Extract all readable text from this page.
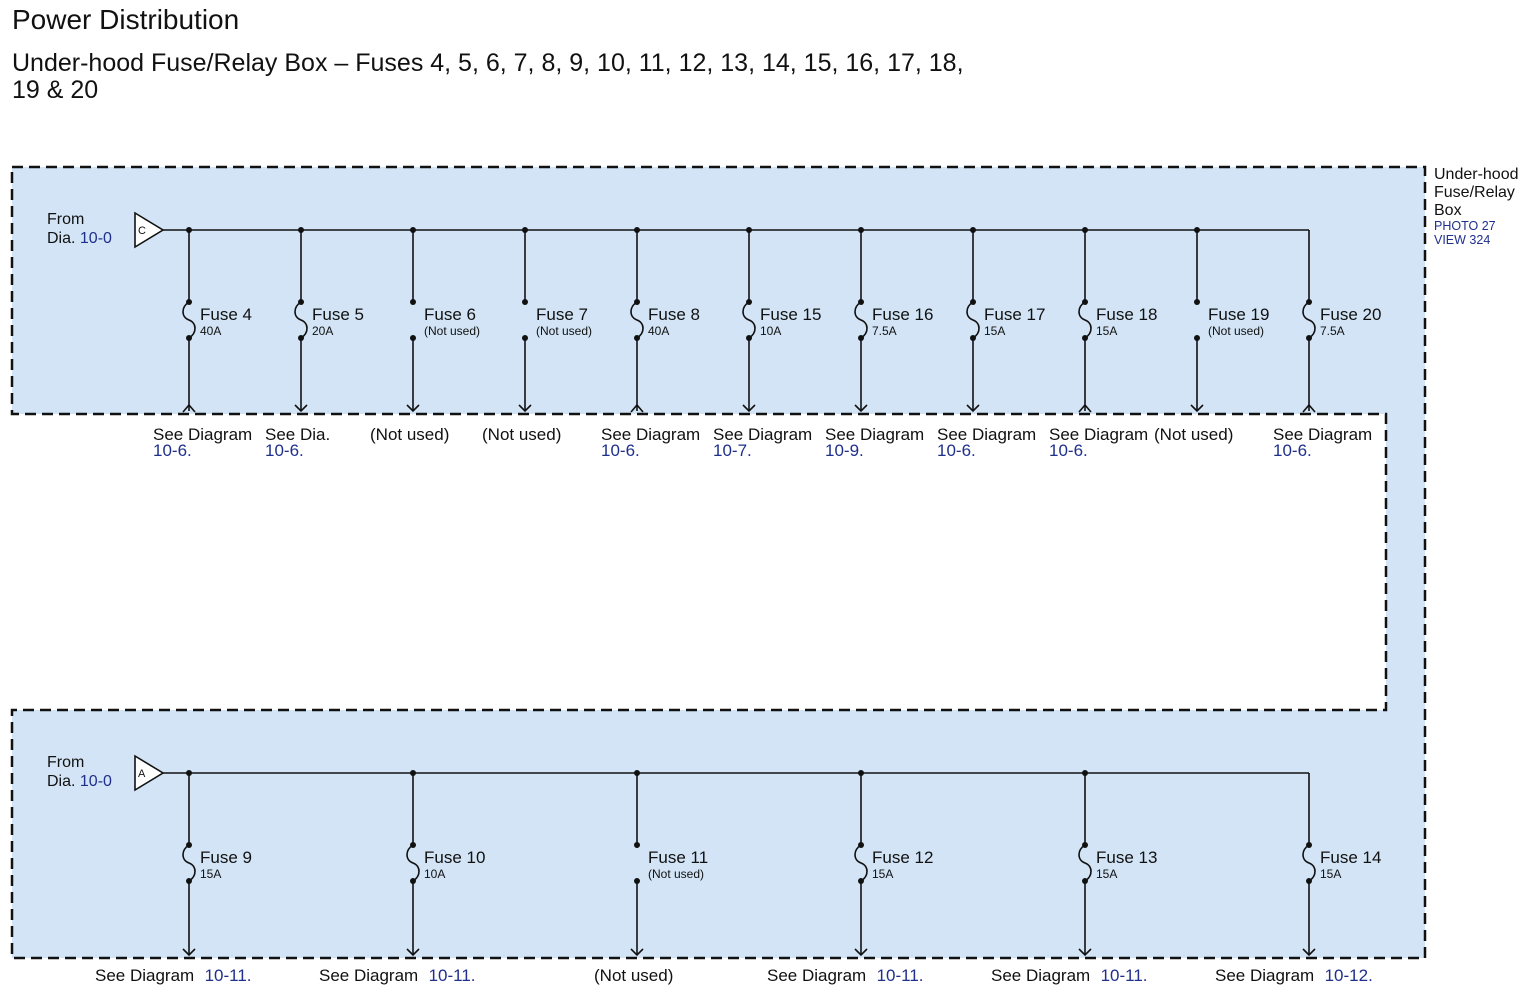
Power Distribution
Under-hood Fuse/Relay Box – Fuses 4, 5, 6, 7, 8, 9, 10, 11, 12, 13, 14, 15, 16, 17, 18, 19 & 20
Under-hood
Fuse/Relay
Box
PHOTO 27
VIEW 324
From
Dia. 10-0 C
Fuse 4
40A
See Diagram
10-6.
Fuse 5
20A
See Dia.
10-6.
Fuse 6
(Not used)
(Not used)
Fuse 7
(Not used)
(Not used)
Fuse 8
40A
See Diagram
10-6.
Fuse 15
10A
See Diagram
10-7.
Fuse 16
7.5A
See Diagram
10-9.
Fuse 17
15A
See Diagram
10-6.
Fuse 18
15A
See Diagram
10-6.
Fuse 19
(Not used)
(Not used)
Fuse 20
7.5A
See Diagram
10-6.
From
Dia. 10-0 A
Fuse 9
15A
See Diagram 10-11.
Fuse 10
10A
See Diagram 10-11.
Fuse 11
(Not used)
(Not used)
Fuse 12
15A
See Diagram 10-11.
Fuse 13
15A
See Diagram 10-11.
Fuse 14
15A
See Diagram 10-12.
